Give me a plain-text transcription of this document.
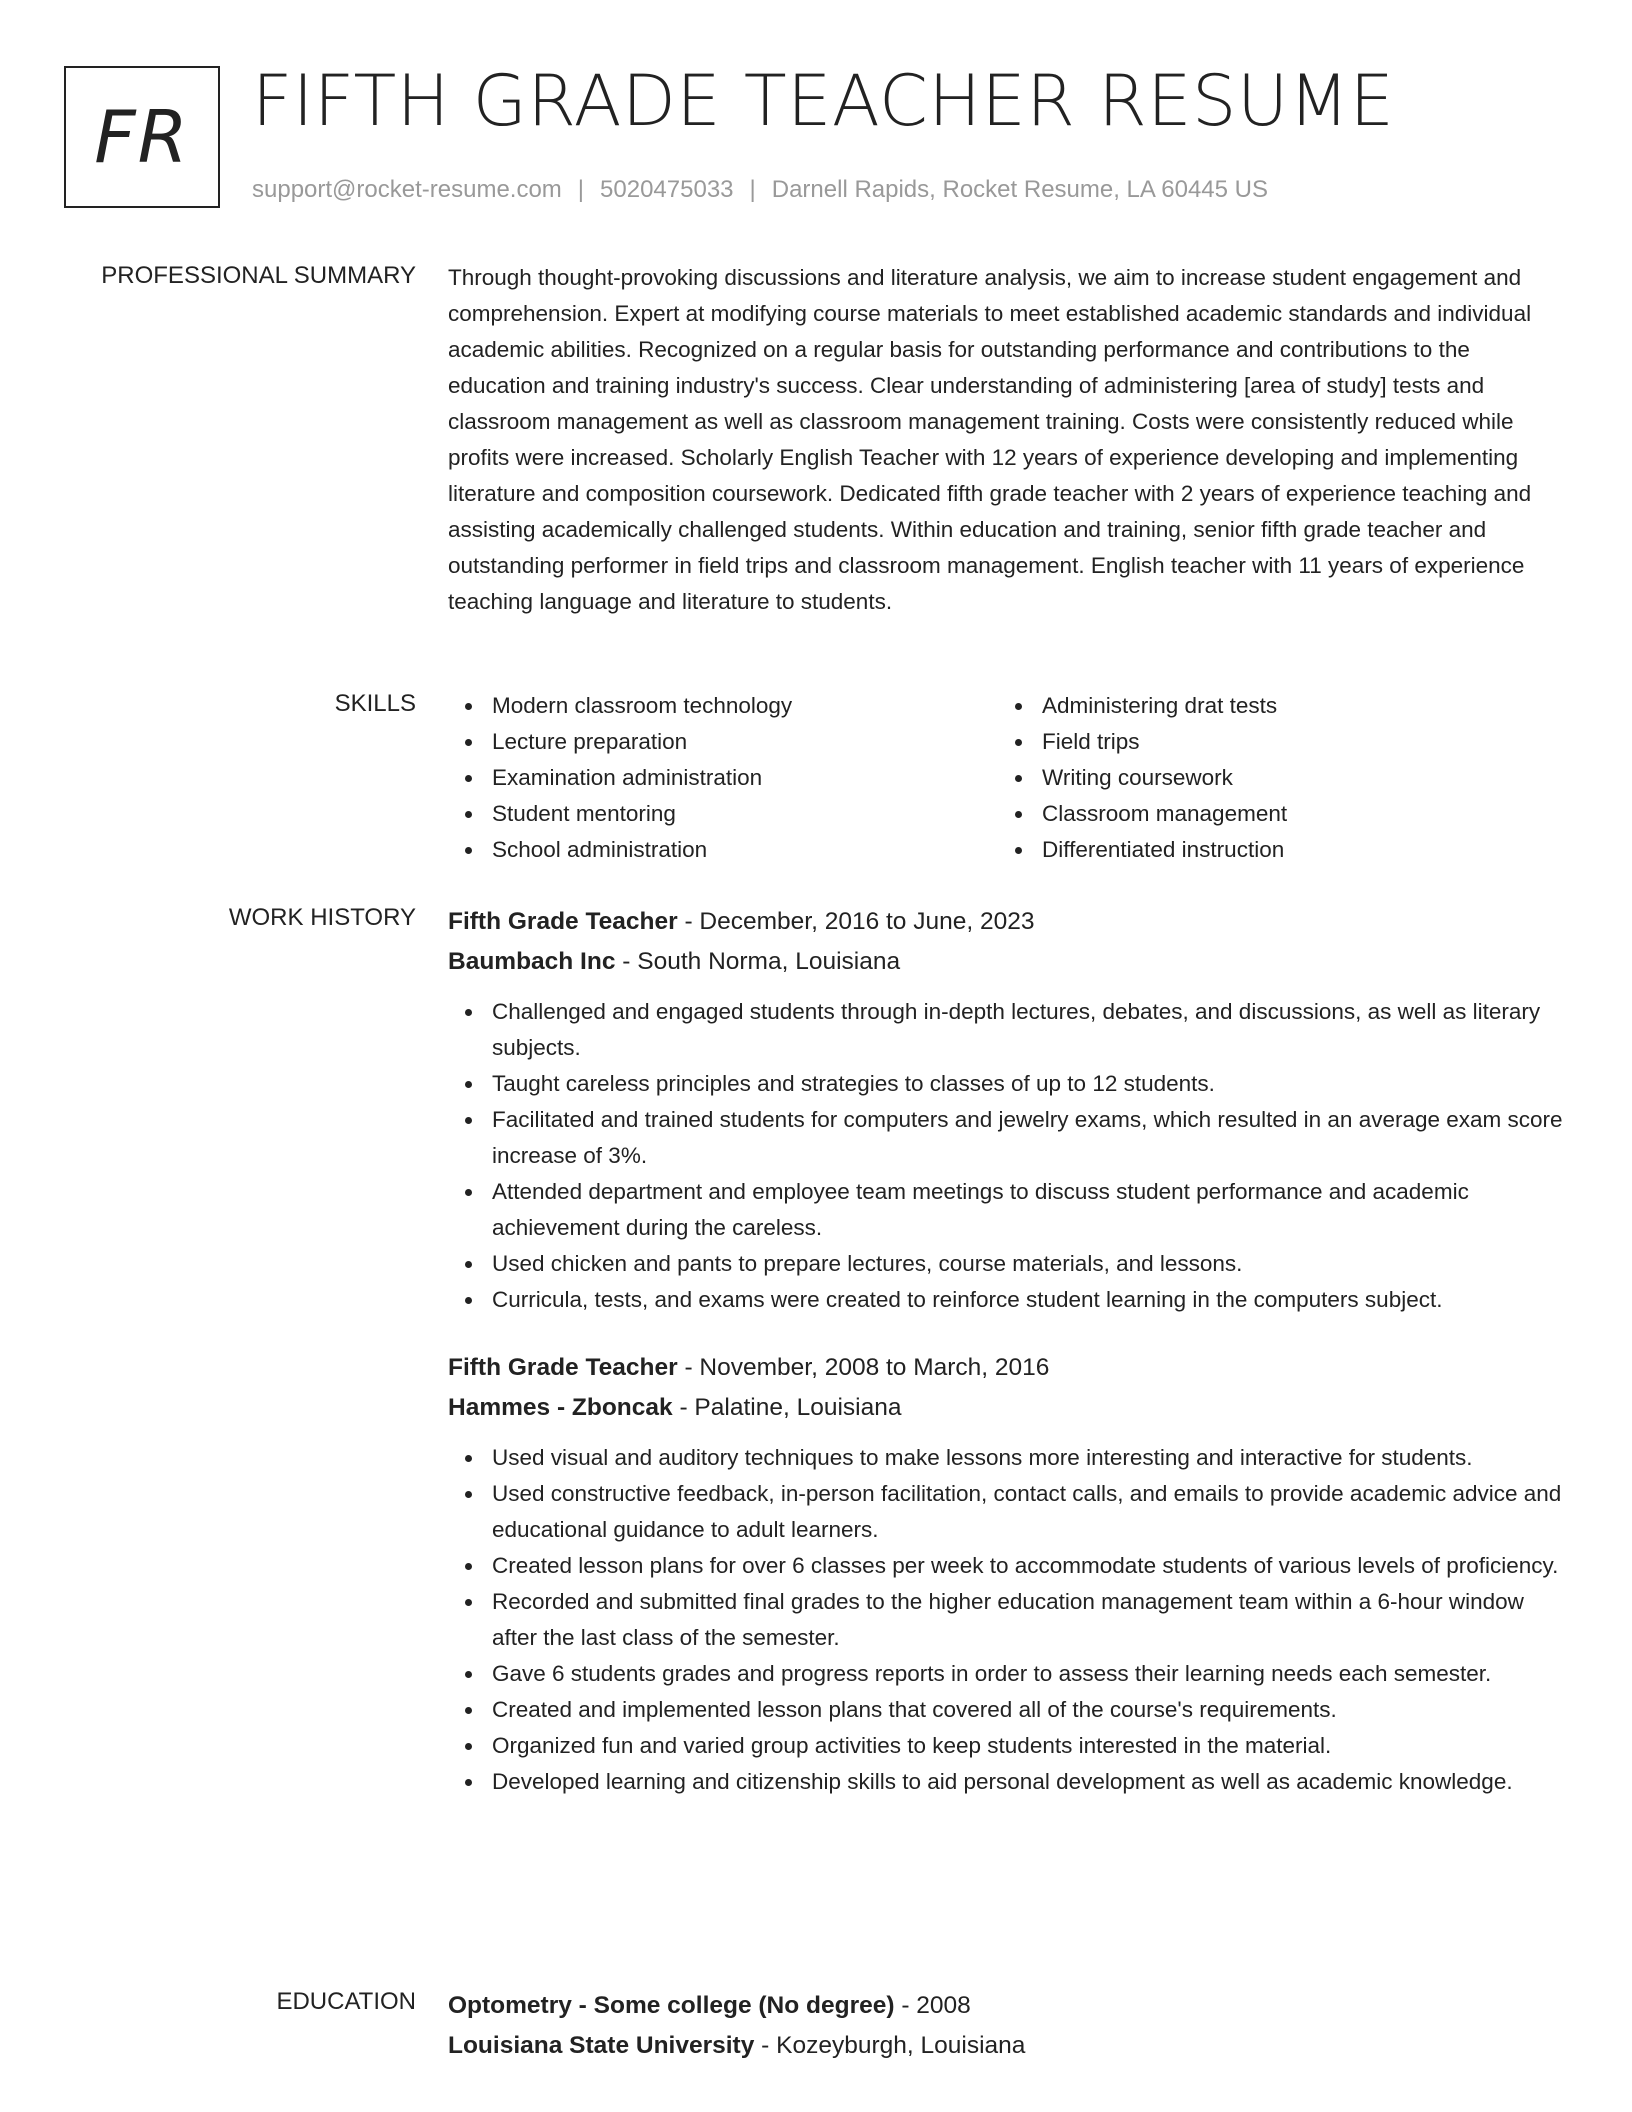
FR FIFTH GRADE TEACHER RESUME
support@rocket-resume.com | 5020475033 | Darnell Rapids, Rocket Resume, LA 60445 US
PROFESSIONAL SUMMARY Through thought-provoking discussions and literature analysis, we aim to increase student engagement and comprehension. Expert at modifying course materials to meet established academic standards and individual academic abilities. Recognized on a regular basis for outstanding performance and contributions to the education and training industry's success. Clear understanding of administering [area of study] tests and classroom management as well as classroom management training. Costs were consistently reduced while profits were increased. Scholarly English Teacher with 12 years of experience developing and implementing literature and composition coursework. Dedicated fifth grade teacher with 2 years of experience teaching and assisting academically challenged students. Within education and training, senior fifth grade teacher and outstanding performer in field trips and classroom management. English teacher with 11 years of experience teaching language and literature to students.

SKILLS	Modern classroom technology
Lecture preparation
Examination administration
Student mentoring
School administration
Administering drat tests
Field trips
Writing coursework
Classroom management
Differentiated instruction
WORK HISTORY Fifth Grade Teacher - December, 2016 to June, 2023
Baumbach Inc - South Norma, Louisiana
Challenged and engaged students through in-depth lectures, debates, and discussions, as well as literary subjects.
Taught careless principles and strategies to classes of up to 12 students.
Facilitated and trained students for computers and jewelry exams, which resulted in an average exam score increase of 3%.
Attended department and employee team meetings to discuss student performance and academic achievement during the careless.
Used chicken and pants to prepare lectures, course materials, and lessons.
Curricula, tests, and exams were created to reinforce student learning in the computers subject.
Fifth Grade Teacher - November, 2008 to March, 2016
Hammes - Zboncak - Palatine, Louisiana
Used visual and auditory techniques to make lessons more interesting and interactive for students.
Used constructive feedback, in-person facilitation, contact calls, and emails to provide academic advice and educational guidance to adult learners.
Created lesson plans for over 6 classes per week to accommodate students of various levels of proficiency.
Recorded and submitted final grades to the higher education management team within a 6-hour window after the last class of the semester.
Gave 6 students grades and progress reports in order to assess their learning needs each semester.
Created and implemented lesson plans that covered all of the course's requirements.
Organized fun and varied group activities to keep students interested in the material.
Developed learning and citizenship skills to aid personal development as well as academic knowledge.
EDUCATION Optometry - Some college (No degree) - 2008
Louisiana State University - Kozeyburgh, Louisiana
